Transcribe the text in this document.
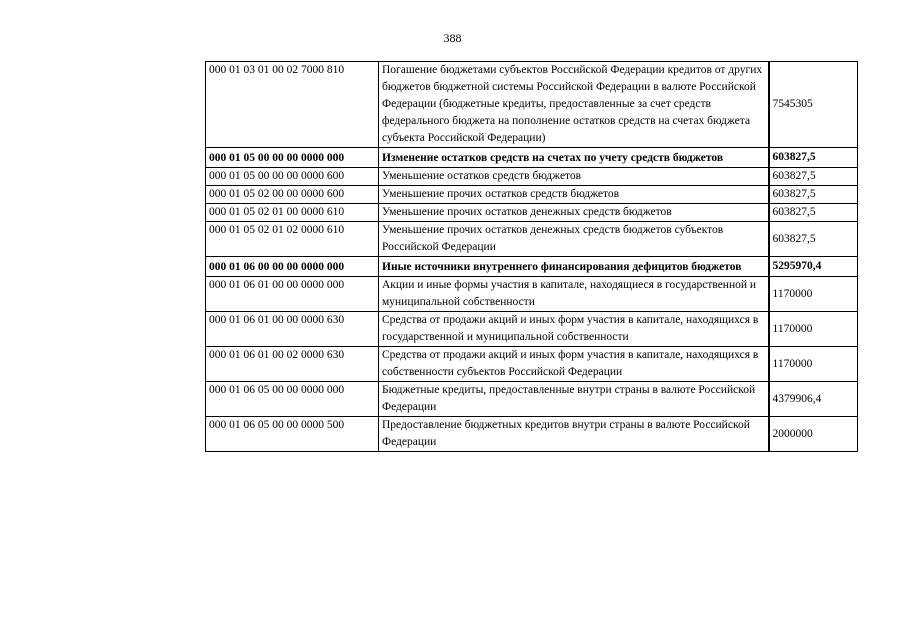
388
000 01 03 01 00 02 7000 810	Погашение бюджетами субъектов Российской Федерации кредитов от других бюджетов бюджетной системы Российской Федерации в валюте Российской Федерации (бюджетные кредиты, предоставленные за счет средств федерального бюджета на пополнение остатков средств на счетах бюджета субъекта Российской Федерации)	7545305
000 01 05 00 00 00 0000 000	Изменение остатков средств на счетах по учету средств бюджетов	603827,5
000 01 05 00 00 00 0000 600	Уменьшение остатков средств бюджетов	603827,5
000 01 05 02 00 00 0000 600	Уменьшение прочих остатков средств бюджетов	603827,5
000 01 05 02 01 00 0000 610	Уменьшение прочих остатков денежных средств бюджетов	603827,5
000 01 05 02 01 02 0000 610	Уменьшение прочих остатков денежных средств бюджетов субъектов Российской Федерации	603827,5
000 01 06 00 00 00 0000 000	Иные источники внутреннего финансирования дефицитов бюджетов	5295970,4
000 01 06 01 00 00 0000 000	Акции и иные формы участия в капитале, находящиеся в государственной и муниципальной собственности	1170000
000 01 06 01 00 00 0000 630	Средства от продажи акций и иных форм участия в капитале, находящихся в государственной и муниципальной собственности	1170000
000 01 06 01 00 02 0000 630	Средства от продажи акций и иных форм участия в капитале, находящихся в собственности субъектов Российской Федерации	1170000
000 01 06 05 00 00 0000 000	Бюджетные кредиты, предоставленные внутри страны в валюте Российской Федерации	4379906,4
000 01 06 05 00 00 0000 500	Предоставление бюджетных кредитов внутри страны в валюте Российской Федерации	2000000
